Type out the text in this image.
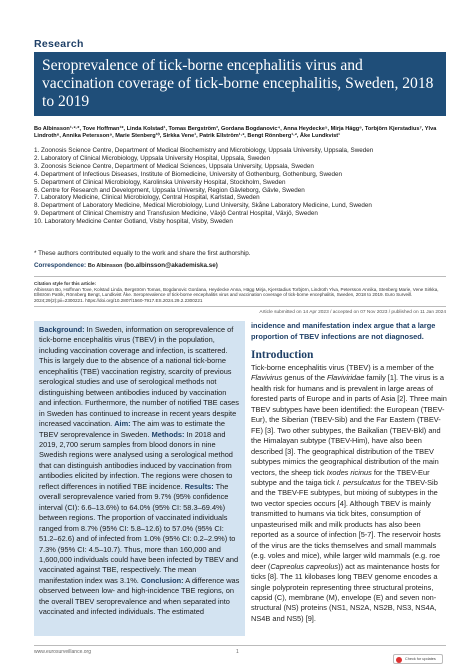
Research
Seroprevalence of tick-borne encephalitis virus and vaccination coverage of tick-borne encephalitis, Sweden, 2018 to 2019
Bo Albinsson¹·²·*, Tove Hoffman¹*, Linda Kolstad¹, Tomas Bergström³, Gordana Bogdanovic⁴, Anna Heydecke⁵, Mirja Hägg⁶, Torbjörn Kjerstadius⁷, Ylva Lindroth⁸, Annika Petersson⁹, Marie Stenberg¹⁰, Sirkka Vene¹, Patrik Ellström¹·², Bengt Rönnberg¹·², Åke Lundkvist¹
1. Zoonosis Science Centre, Department of Medical Biochemistry and Microbiology, Uppsala University, Uppsala, Sweden
2. Laboratory of Clinical Microbiology, Uppsala University Hospital, Uppsala, Sweden
3. Zoonosis Science Centre, Department of Medical Sciences, Uppsala University, Uppsala, Sweden
4. Department of Infectious Diseases, Institute of Biomedicine, University of Gothenburg, Gothenburg, Sweden
5. Department of Clinical Microbiology, Karolinska University Hospital, Stockholm, Sweden
6. Centre for Research and Development, Uppsala University, Region Gävleborg, Gävle, Sweden
7. Laboratory Medicine, Clinical Microbiology, Central Hospital, Karlstad, Sweden
8. Department of Laboratory Medicine, Medical Microbiology, Lund University, Skåne Laboratory Medicine, Lund, Sweden
9. Department of Clinical Chemistry and Transfusion Medicine, Växjö Central Hospital, Växjö, Sweden
10. Laboratory Medicine Center Gotland, Visby hospital, Visby, Sweden
* These authors contributed equally to the work and share the first authorship.
Correspondence: Bo Albinsson (bo.albinsson@akademiska.se)
Citation style for this article:
Albinsson Bo, Hoffman Tove, Kolstad Linda, Bergström Tomas, Bogdanovic Gordana, Heydecke Anna, Hägg Mirja, Kjerstadius Torbjörn, Lindroth Ylva, Petersson Annika, Stenberg Marie, Vene Sirkka, Ellström Patrik, Rönnberg Bengt, Lundkvist Åke. Seroprevalence of tick-borne encephalitis virus and vaccination coverage of tick-borne encephalitis, Sweden, 2018 to 2019. Euro Surveill. 2024;29(2):pii=2300221. https://doi.org/10.2807/1560-7917.ES.2024.29.2.2300221
Article submitted on 14 Apr 2023 / accepted on 07 Nov 2023 / published on 11 Jan 2024
Background: In Sweden, information on seroprevalence of tick-borne encephalitis virus (TBEV) in the population, including vaccination coverage and infection, is scattered. This is largely due to the absence of a national tick-borne encephalitis (TBE) vaccination registry, scarcity of previous serological studies and use of serological methods not distinguishing between antibodies induced by vaccination and infection. Furthermore, the number of notified TBE cases in Sweden has continued to increase in recent years despite increased vaccination. Aim: The aim was to estimate the TBEV seroprevalence in Sweden. Methods: In 2018 and 2019, 2,700 serum samples from blood donors in nine Swedish regions were analysed using a serological method that can distinguish antibodies induced by vaccination from antibodies elicited by infection. The regions were chosen to reflect differences in notified TBE incidence. Results: The overall seroprevalence varied from 9.7% (95% confidence interval (CI): 6.6–13.6%) to 64.0% (95% CI: 58.3–69.4%) between regions. The proportion of vaccinated individuals ranged from 8.7% (95% CI: 5.8–12.6) to 57.0% (95% CI: 51.2–62.6) and of infected from 1.0% (95% CI: 0.2–2.9%) to 7.3% (95% CI: 4.5–10.7). Thus, more than 160,000 and 1,600,000 individuals could have been infected by TBEV and vaccinated against TBE, respectively. The mean manifestation index was 3.1%. Conclusion: A difference was observed between low- and high-incidence TBE regions, on the overall TBEV seroprevalence and when separated into vaccinated and infected individuals. The estimated
incidence and manifestation index argue that a large proportion of TBEV infections are not diagnosed.
Introduction

Tick-borne encephalitis virus (TBEV) is a member of the Flavivirus genus of the Flaviviridae family [1]. The virus is a health risk for humans and is prevalent in large areas of forested parts of Europe and in parts of Asia [2]. Three main TBEV subtypes have been identified: the European (TBEV-Eur), the Siberian (TBEV-Sib) and the Far Eastern (TBEV-FE) [3]. Two other subtypes, the Baikalian (TBEV-Bkl) and the Himalayan subtype (TBEV-Him), have also been described [3]. The geographical distribution of the TBEV subtypes mimics the geographical distribution of the main vectors, the sheep tick Ixodes ricinus for the TBEV-Eur subtype and the taiga tick I. persulcatus for the TBEV-Sib and the TBEV-FE subtypes, but mixing of subtypes in the two vector species occurs [4]. Although TBEV is mainly transmitted to humans via tick bites, consumption of unpasteurised milk and milk products has also been reported as a source of infection [5-7]. The reservoir hosts of the virus are the ticks themselves and small mammals (e.g. voles and mice), while larger wild mammals (e.g. roe deer (Capreolus capreolus)) act as maintenance hosts for ticks [8]. The 11 kilobases long TBEV genome encodes a single polyprotein representing three structural proteins, capsid (C), membrane (M), envelope (E) and seven non-structural (NS) proteins (NS1, NS2A, NS2B, NS3, NS4A, NS4B and NS5) [9].

www.eurosurveillance.org	1
Check for updates
